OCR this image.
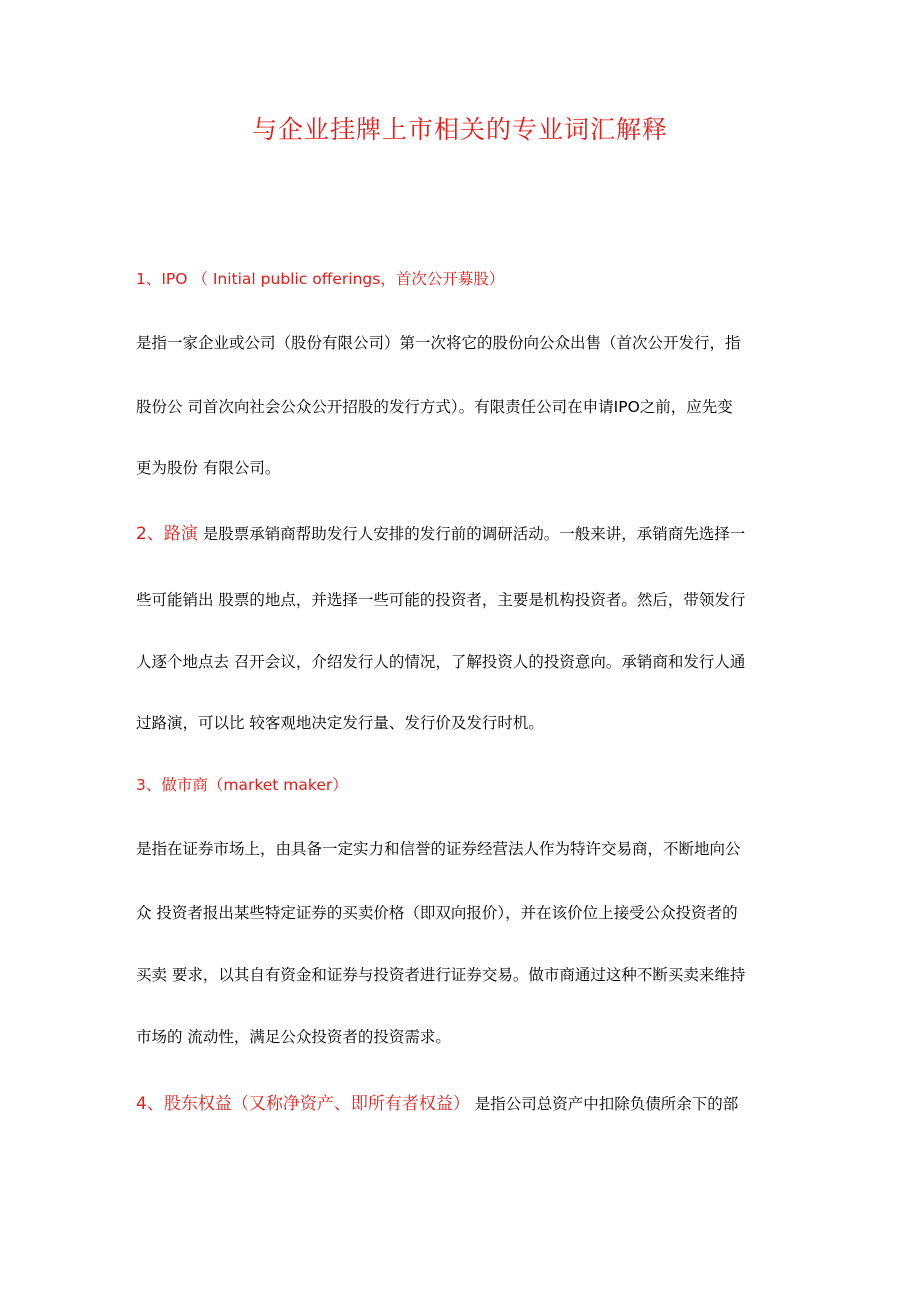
与企业挂牌上市相关的专业词汇解释
1、IPO （ Initial public offerings，首次公开募股）
是指一家企业或公司（股份有限公司）第一次将它的股份向公众出售（首次公开发行，指
股份公 司首次向社会公众公开招股的发行方式）。有限责任公司在申请IPO之前，应先变
更为股份 有限公司。
2、路演 是股票承销商帮助发行人安排的发行前的调研活动。一般来讲，承销商先选择一
些可能销出 股票的地点，并选择一些可能的投资者，主要是机构投资者。然后，带领发行
人逐个地点去 召开会议，介绍发行人的情况，了解投资人的投资意向。承销商和发行人通
过路演，可以比 较客观地决定发行量、发行价及发行时机。
3、做市商（market maker）
是指在证券市场上，由具备一定实力和信誉的证券经营法人作为特许交易商，不断地向公
众 投资者报出某些特定证券的买卖价格（即双向报价），并在该价位上接受公众投资者的
买卖 要求，以其自有资金和证券与投资者进行证券交易。做市商通过这种不断买卖来维持
市场的 流动性，满足公众投资者的投资需求。
4、股东权益（又称净资产、即所有者权益） 是指公司总资产中扣除负债所余下的部
